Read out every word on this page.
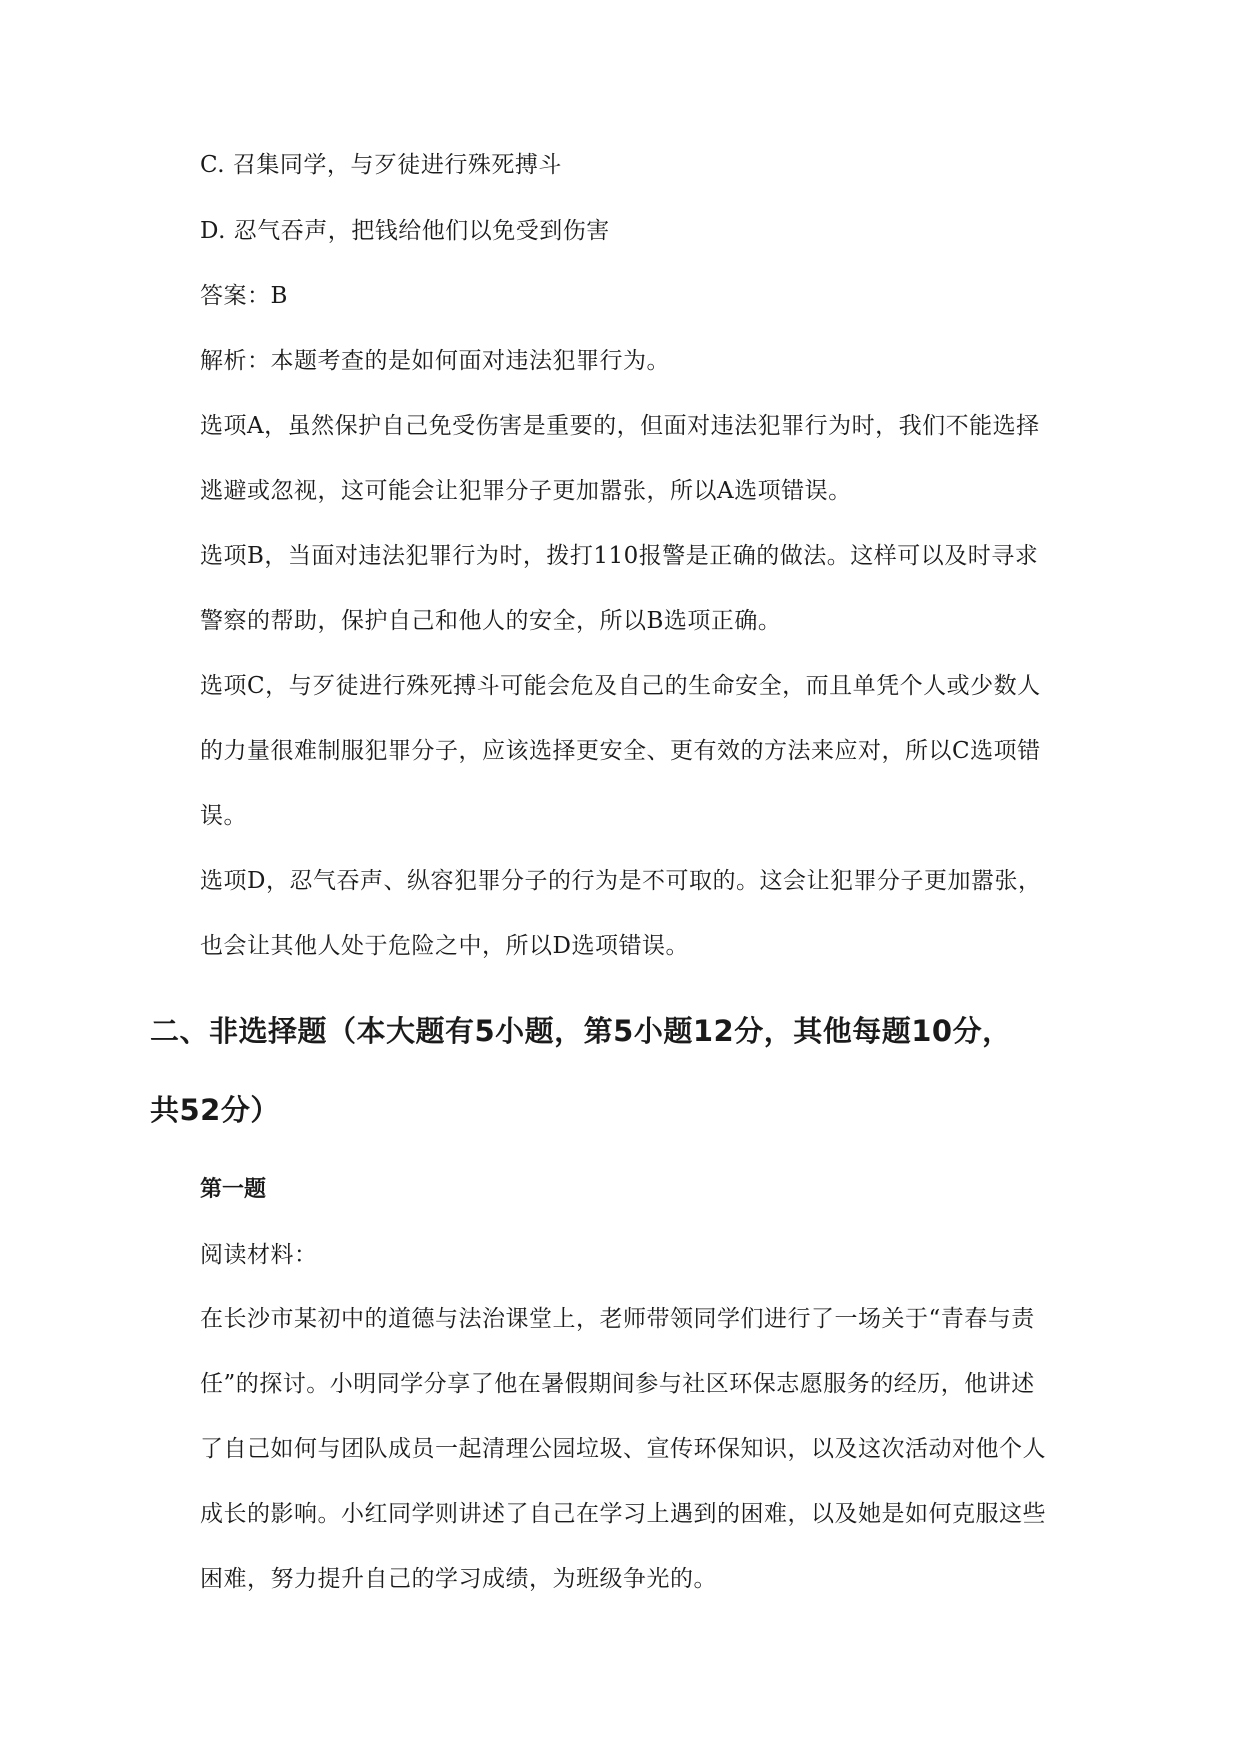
C. 召集同学，与歹徒进行殊死搏斗
D. 忍气吞声，把钱给他们以免受到伤害
答案：B
解析：本题考查的是如何面对违法犯罪行为。
选项A，虽然保护自己免受伤害是重要的，但面对违法犯罪行为时，我们不能选择
逃避或忽视，这可能会让犯罪分子更加嚣张，所以A选项错误。
选项B，当面对违法犯罪行为时，拨打110报警是正确的做法。这样可以及时寻求
警察的帮助，保护自己和他人的安全，所以B选项正确。
选项C，与歹徒进行殊死搏斗可能会危及自己的生命安全，而且单凭个人或少数人
的力量很难制服犯罪分子，应该选择更安全、更有效的方法来应对，所以C选项错
误。
选项D，忍气吞声、纵容犯罪分子的行为是不可取的。这会让犯罪分子更加嚣张，
也会让其他人处于危险之中，所以D选项错误。
二、非选择题（本大题有5小题，第5小题12分，其他每题10分，
共52分）
第一题
阅读材料：
在长沙市某初中的道德与法治课堂上，老师带领同学们进行了一场关于“青春与责
任”的探讨。小明同学分享了他在暑假期间参与社区环保志愿服务的经历，他讲述
了自己如何与团队成员一起清理公园垃圾、宣传环保知识，以及这次活动对他个人
成长的影响。小红同学则讲述了自己在学习上遇到的困难，以及她是如何克服这些
困难，努力提升自己的学习成绩，为班级争光的。
